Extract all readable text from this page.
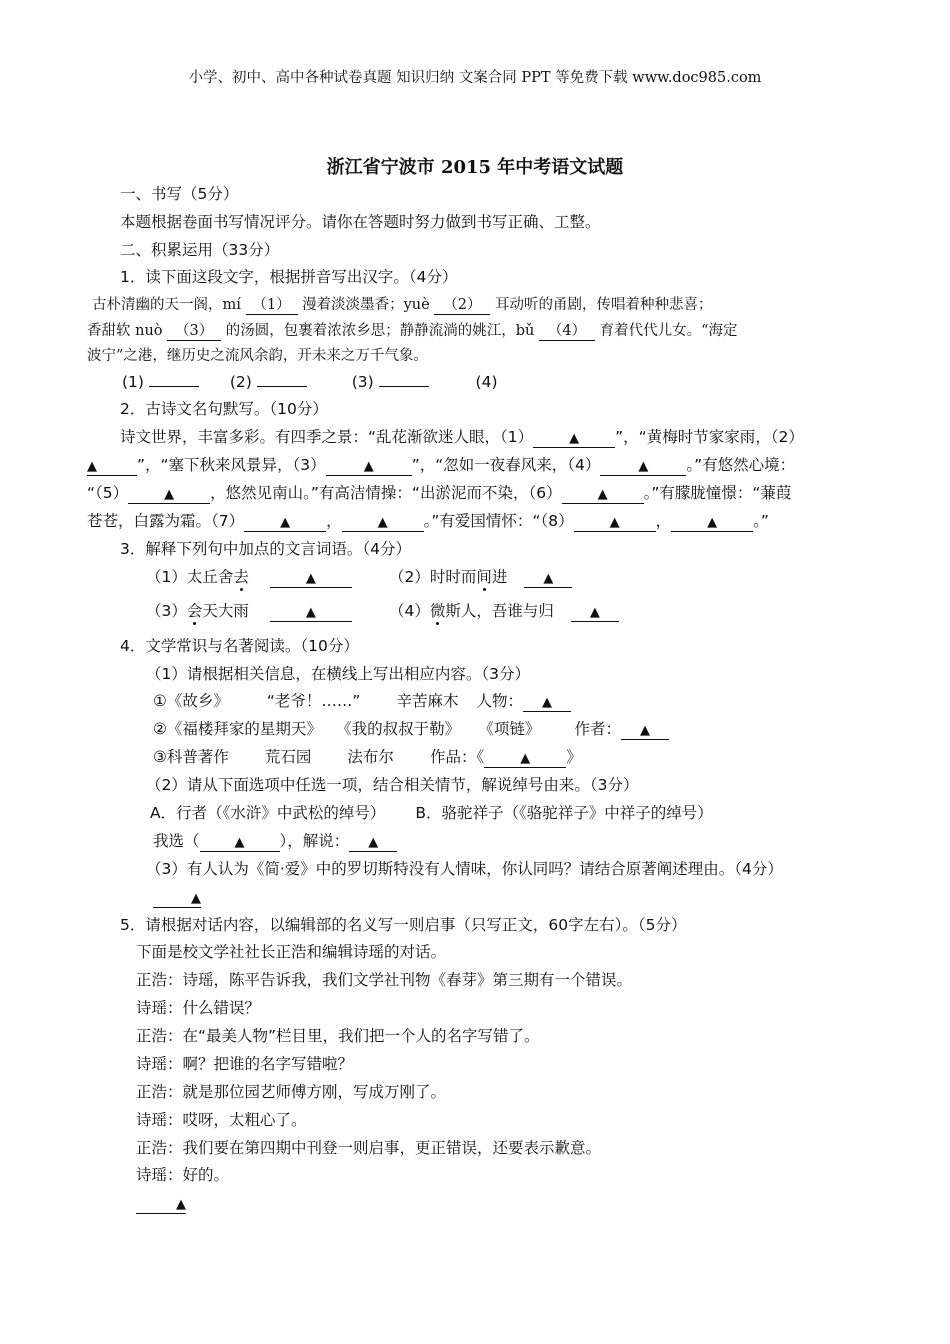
小学、初中、高中各种试卷真题 知识归纳 文案合同 PPT 等免费下载 www.doc985.com
浙江省宁波市 2015 年中考语文试题
一、书写（5分）
本题根据卷面书写情况评分。请你在答题时努力做到书写正确、工整。
二、积累运用（33分）
1．读下面这段文字，根据拼音写出汉字。（4分）
古朴清幽的天一阁，mí （1） 漫着淡淡墨香；yuè （2） 耳动听的甬剧，传唱着种种悲喜；
香甜软 nuò （3） 的汤圆，包裹着浓浓乡思；静静流淌的姚江，bǔ （4） 育着代代儿女。“海定
波宁”之港，继历史之流风余韵，开未来之万千气象。
(1)	(2)	(3)	(4)
2．古诗文名句默写。（10分）
诗文世界，丰富多彩。有四季之景：“乱花渐欲迷人眼，（1）	▲ ”，“黄梅时节家家雨，（2）
▲	”，“塞下秋来风景异，（3）	▲ ”，“忽如一夜春风来，（4）	▲ 。”有悠然心境：
“（5）	▲ ，悠然见南山。”有高洁情操：“出淤泥而不染，（6）	▲ 。”有朦胧憧憬：“蒹葭
苍苍，白露为霜。（7）	▲ ，	▲ 。”有爱国情怀：“（8）	▲ ，	▲ 。”
3．解释下列句中加点的文言词语。（4分）
（1）太丘舍去	▲	（2）时时而间进	▲
（3）会天大雨	▲	（4）微斯人，吾谁与归	▲
4．文学常识与名著阅读。（10分）
（1）请根据相关信息，在横线上写出相应内容。（3分）
①《故乡》 “老爷！……” 辛苦麻木 人物： ▲
②《福楼拜家的星期天》 《我的叔叔于勒》 《项链》 作者： ▲
③科普著作 荒石园 法布尔 作品：《	▲ 》
（2）请从下面选项中任选一项，结合相关情节，解说绰号由来。（3分）
A．行者（《水浒》中武松的绰号） B．骆驼祥子（《骆驼祥子》中祥子的绰号）
我选（	▲ ），解说： ▲
（3）有人认为《简·爱》中的罗切斯特没有人情味，你认同吗？请结合原著阐述理由。（4分）
▲
5．请根据对话内容，以编辑部的名义写一则启事（只写正文，60字左右）。（5分）
下面是校文学社社长正浩和编辑诗瑶的对话。
正浩：诗瑶，陈平告诉我，我们文学社刊物《春芽》第三期有一个错误。
诗瑶：什么错误？
正浩：在“最美人物”栏目里，我们把一个人的名字写错了。
诗瑶：啊？把谁的名字写错啦？
正浩：就是那位园艺师傅方刚，写成万刚了。
诗瑶：哎呀，太粗心了。
正浩：我们要在第四期中刊登一则启事，更正错误，还要表示歉意。
诗瑶：好的。
▲
